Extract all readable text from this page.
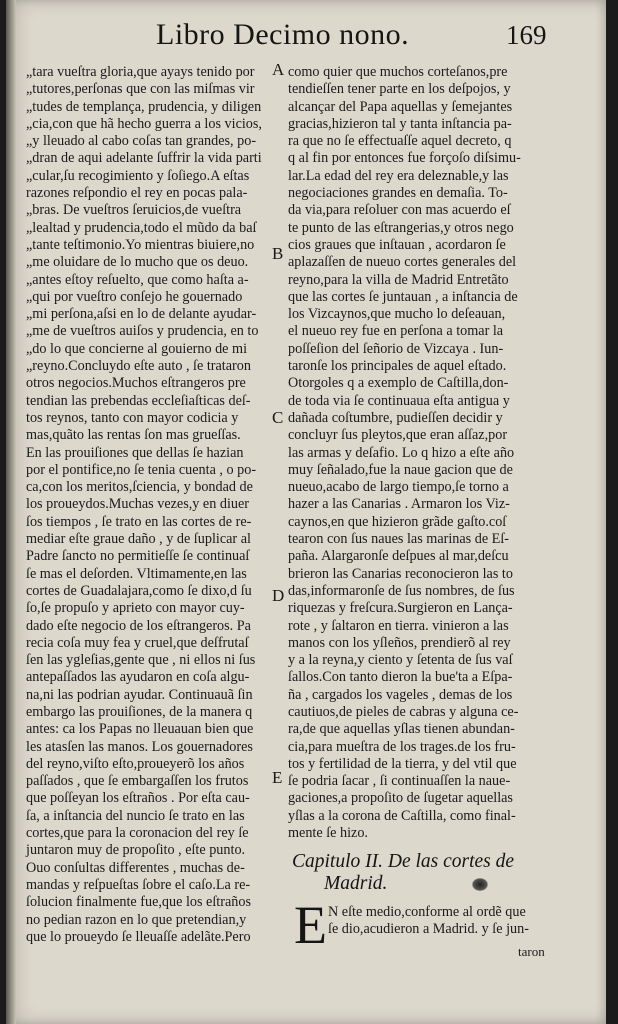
Libro Decimo nono.	169
„tara vueſtra gloria,que ayays tenido por
„tutores,perſonas que con las miſmas vir
„tudes de templança, prudencia, y diligen
„cia,con que hã hecho guerra a los vicios,
„y lleuado al cabo coſas tan grandes, po-
„dran de aqui adelante ſuffrir la vida parti
„cular,ſu recogimiento y ſoſiego.A eſtas
razones reſpondio el rey en pocas pala-
„bras. De vueſtros ſeruicios,de vueſtra
„lealtad y prudencia,todo el mũdo da baſ
„tante teſtimonio.Yo mientras biuiere,no
„me oluidare de lo mucho que os deuo.
„antes eſtoy reſuelto, que como haſta a-
„qui por vueſtro conſejo he gouernado
„mi perſona,aſsi en lo de delante ayudar-
„me de vueſtros auiſos y prudencia, en to
„do lo que concierne al gouierno de mi
„reyno.Concluydo eſte auto , ſe trataron
otros negocios.Muchos eſtrangeros pre
tendian las prebendas eccleſiaſticas deſ-
tos reynos, tanto con mayor codicia y
mas,quãto las rentas ſon mas grueſſas.
En las prouiſiones que dellas ſe hazian
por el pontifice,no ſe tenia cuenta , o po-
ca,con los meritos,ſciencia, y bondad de
los proueydos.Muchas vezes,y en diuer
ſos tiempos , ſe trato en las cortes de re-
mediar eſte graue daño , y de ſuplicar al
Padre ſancto no permitieſſe ſe continuaſ
ſe mas el deſorden. Vltimamente,en las
cortes de Guadalajara,como ſe dixo,d ſu
ſo,ſe propuſo y aprieto con mayor cuy-
dado eſte negocio de los eſtrangeros. Pa
recia coſa muy fea y cruel,que deſfrutaſ
ſen las ygleſias,gente que , ni ellos ni ſus
antepaſſados las ayudaron en coſa algu-
na,ni las podrian ayudar. Continuauã ſin
embargo las prouiſiones, de la manera q
antes: ca los Papas no lleuauan bien que
les atasſen las manos. Los gouernadores
del reyno,viſto eſto,proueyerõ los años
paſſados , que ſe embargaſſen los frutos
que poſſeyan los eſtraños . Por eſta cau-
ſa, a inſtancia del nuncio ſe trato en las
cortes,que para la coronacion del rey ſe
juntaron muy de propoſito , eſte punto.
Ouo conſultas differentes , muchas de-
mandas y reſpueſtas ſobre el caſo.La re-
ſolucion finalmente fue,que los eſtraños
no pedian razon en lo que pretendian,y
que lo proueydo ſe lleuaſſe adelãte.Pero
como quier que muchos corteſanos,pre
tendieſſen tener parte en los deſpojos, y
alcançar del Papa aquellas y ſemejantes
gracias,hizieron tal y tanta inſtancia pa-
ra que no ſe effectuaſſe aquel decreto, q
q al fin por entonces fue forçoſo diſsimu-
lar.La edad del rey era deleznable,y las
negociaciones grandes en demaſia. To-
da via,para reſoluer con mas acuerdo eſ
te punto de las eſtrangerias,y otros nego
cios graues que inſtauan , acordaron ſe
aplazaſſen de nueuo cortes generales del
reyno,para la villa de Madrid Entretãto
que las cortes ſe juntauan , a inſtancia de
los Vizcaynos,que mucho lo deſeauan,
el nueuo rey fue en perſona a tomar la
poſſeſion del ſeñorio de Vizcaya . Iun-
taronſe los principales de aquel eſtado.
Otorgoles q a exemplo de Caſtilla,don-
de toda via ſe continuaua eſta antigua y
dañada coſtumbre, pudieſſen decidir y
concluyr ſus pleytos,que eran aſſaz,por
las armas y deſafio. Lo q hizo a eſte año
muy ſeñalado,fue la naue gacion que de
nueuo,acabo de largo tiempo,ſe torno a
hazer a las Canarias . Armaron los Viz-
caynos,en que hizieron grãde gaſto.coſ
tearon con ſus naues las marinas de Eſ-
paña. Alargaronſe deſpues al mar,deſcu
brieron las Canarias reconocieron las to
das,informaronſe de ſus nombres, de ſus
riquezas y freſcura.Surgieron en Lança-
rote , y ſaltaron en tierra. vinieron a las
manos con los yſleños, prendierõ al rey
y a la reyna,y ciento y ſetenta de ſus vaſ
ſallos.Con tanto dieron la bue'ta a Eſpa-
ña , cargados los vageles , demas de los
cautiuos,de pieles de cabras y alguna ce-
ra,de que aquellas yſlas tienen abundan-
cia,para mueſtra de los trages.de los fru-
tos y fertilidad de la tierra, y del vtil que
ſe podria ſacar , ſi continuaſſen la naue-
gaciones,a propoſito de ſugetar aquellas
yſlas a la corona de Caſtilla, como final-
mente ſe hizo.
A
B
C
D
E
Capitulo II. De las cortes de
Madrid.
E N eſte medio,conforme al ordẽ que
ſe dio,acudieron a Madrid. y ſe jun-
taron
